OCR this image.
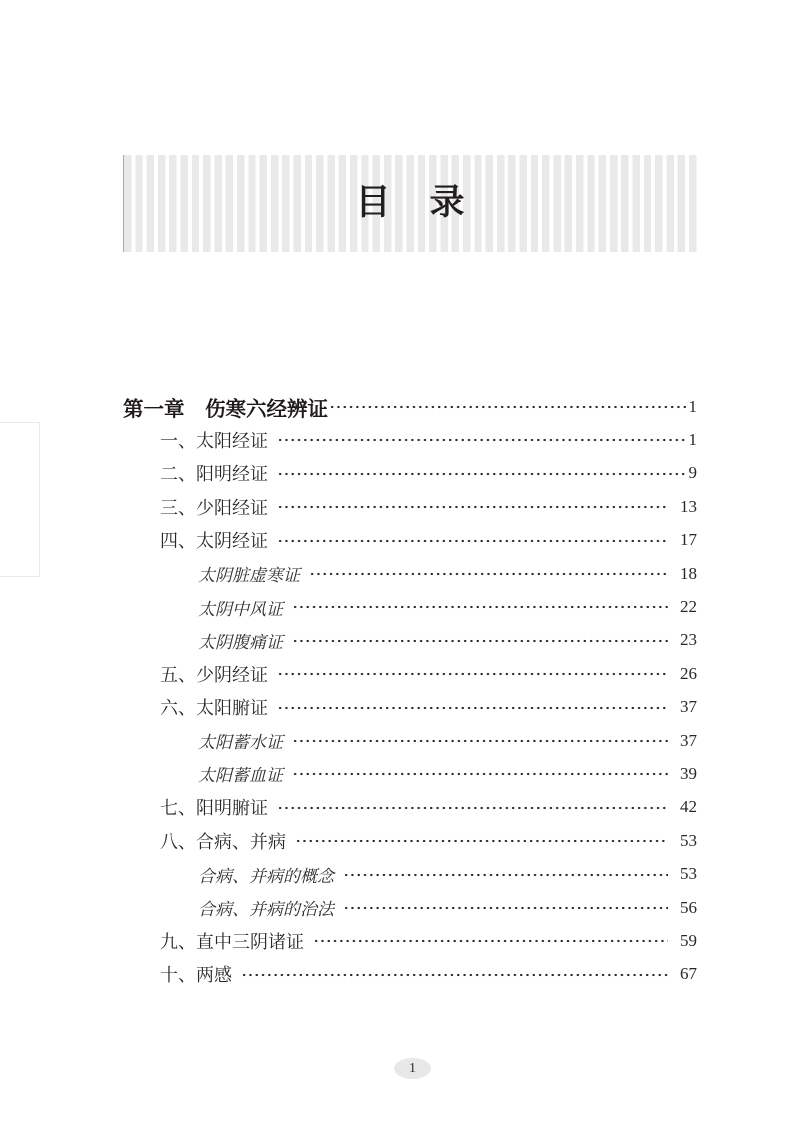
目　录
第一章　伤寒六经辨证	1
一、太阳经证	1
二、阳明经证	9
三、少阳经证	13
四、太阴经证	17
太阴脏虚寒证	18
太阴中风证	22
太阴腹痛证	23
五、少阴经证	26
六、太阳腑证	37
太阳蓄水证	37
太阳蓄血证	39
七、阳明腑证	42
八、合病、并病	53
合病、并病的概念	53
合病、并病的治法	56
九、直中三阴诸证	59
十、两感	67
1
